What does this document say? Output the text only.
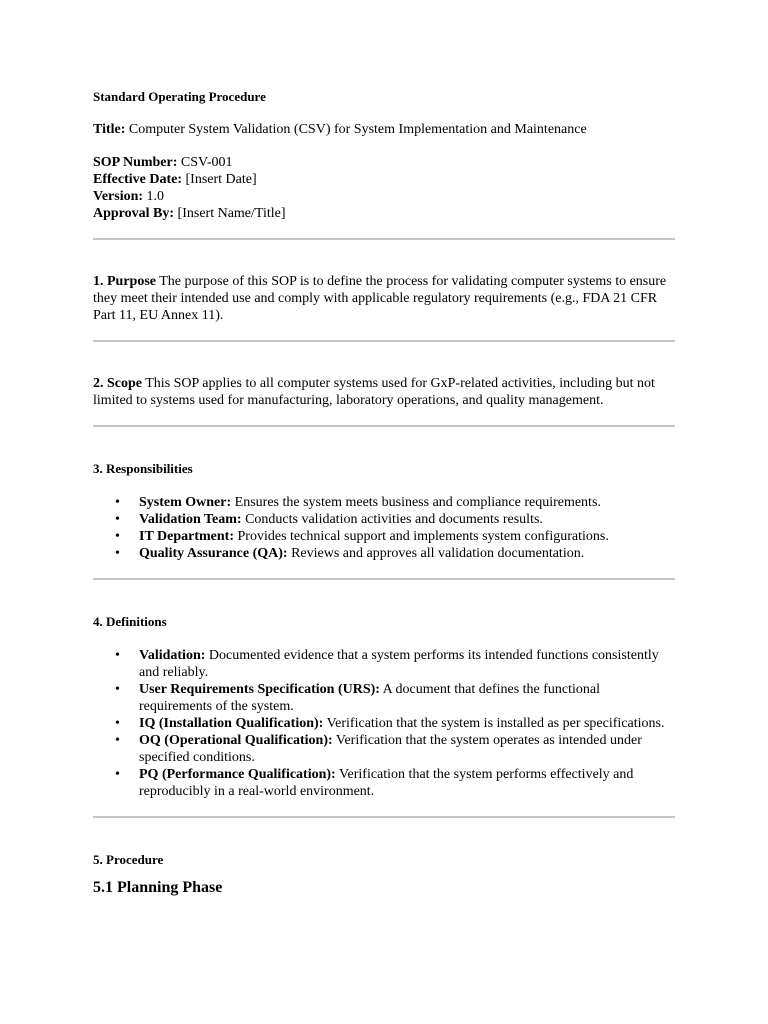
Standard Operating Procedure

Title: Computer System Validation (CSV) for System Implementation and Maintenance

SOP Number: CSV-001

Effective Date: [Insert Date]

Version: 1.0

Approval By: [Insert Name/Title]

1. Purpose The purpose of this SOP is to define the process for validating computer systems to ensure they meet their intended use and comply with applicable regulatory requirements (e.g., FDA 21 CFR Part 11, EU Annex 11).

2. Scope This SOP applies to all computer systems used for GxP-related activities, including but not limited to systems used for manufacturing, laboratory operations, and quality management.

3. Responsibilities
• System Owner: Ensures the system meets business and compliance requirements.
• Validation Team: Conducts validation activities and documents results.
• IT Department: Provides technical support and implements system configurations.
• Quality Assurance (QA): Reviews and approves all validation documentation.
4. Definitions
• Validation: Documented evidence that a system performs its intended functions consistently and reliably.
• User Requirements Specification (URS): A document that defines the functional requirements of the system.
• IQ (Installation Qualification): Verification that the system is installed as per specifications.
• OQ (Operational Qualification): Verification that the system operates as intended under specified conditions.
• PQ (Performance Qualification): Verification that the system performs effectively and reproducibly in a real-world environment.
5. Procedure
5.1 Planning Phase
